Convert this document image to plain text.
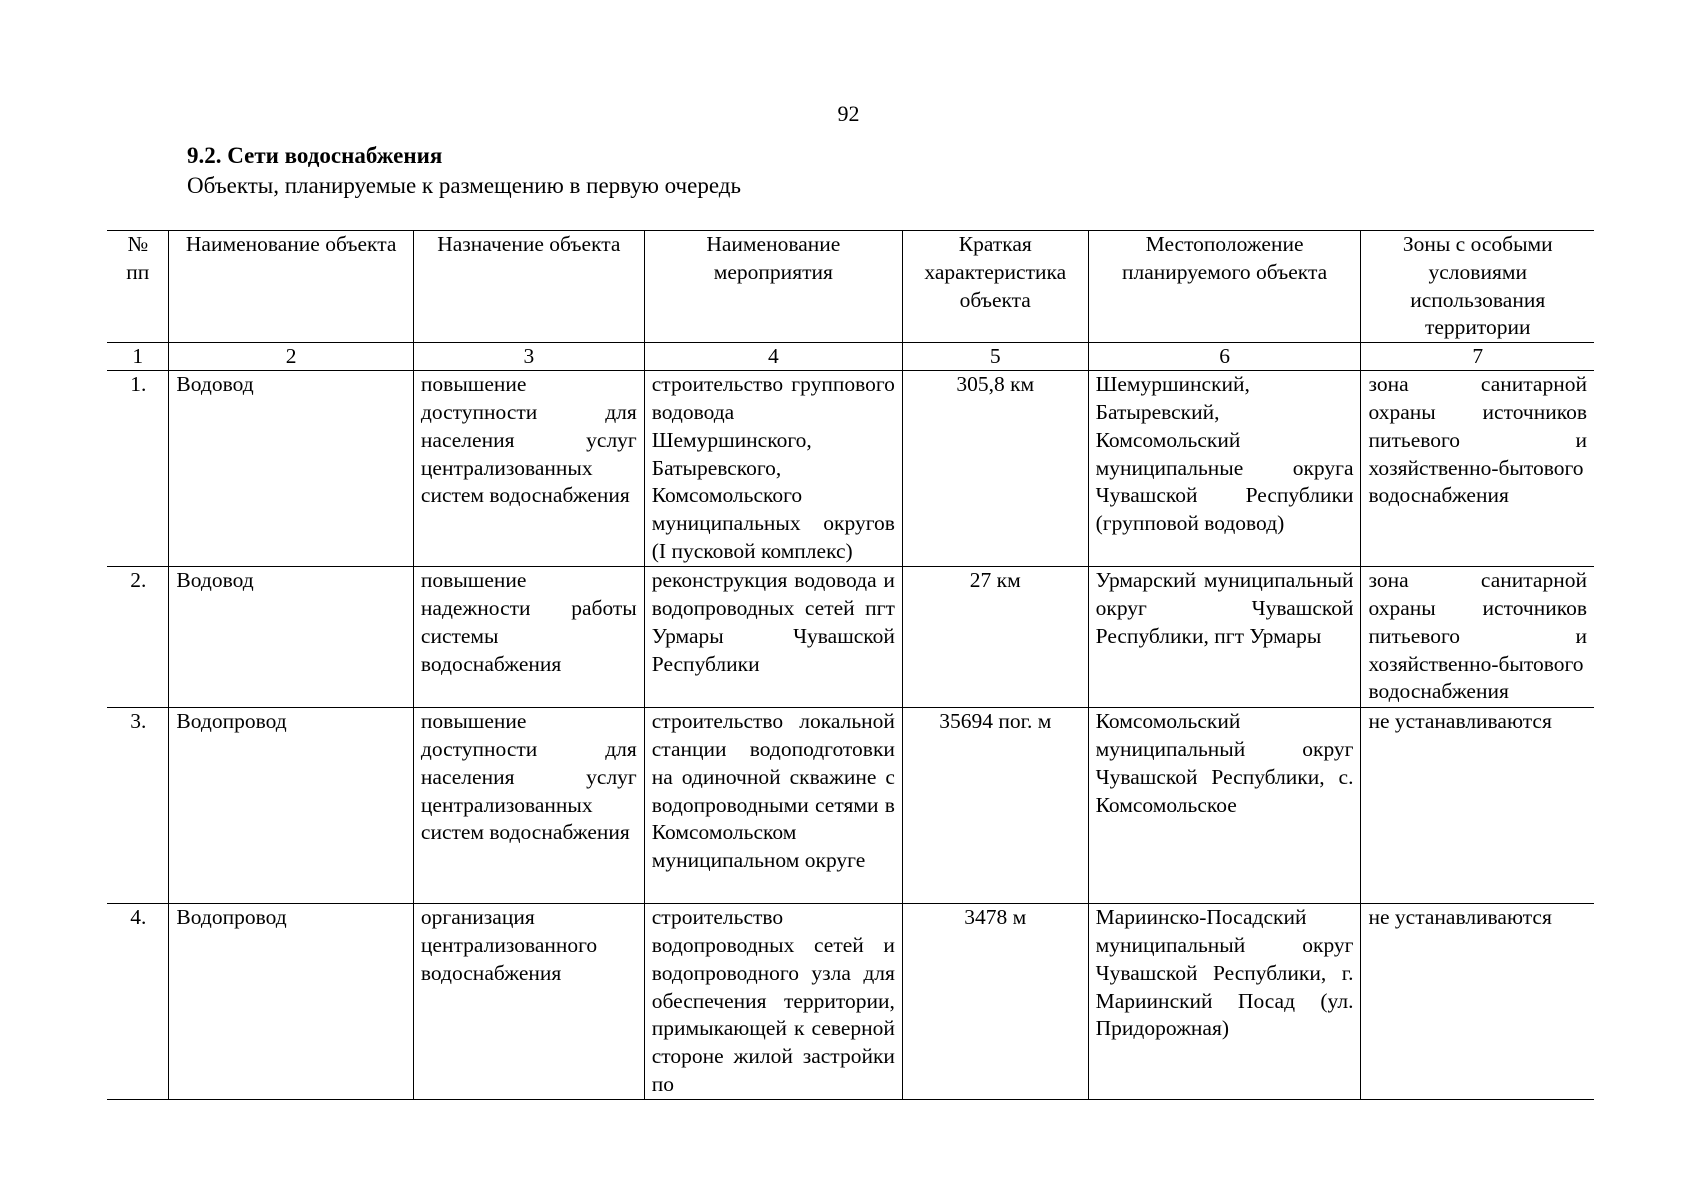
92
9.2. Сети водоснабжения
Объекты, планируемые к размещению в первую очередь
№ пп	Наименование объекта	Назначение объекта	Наименование мероприятия	Краткая характеристика объекта	Местоположение планируемого объекта	Зоны с особыми условиями использования территории
1	2	3	4	5	6	7
1.	Водовод	повышение доступности для населения услуг централизованных систем водоснабжения	строительство группового водовода Шемуршинского, Батыревского, Комсомольского муниципальных округов (I пусковой комплекс)	305,8 км	Шемуршинский, Батыревский, Комсомольский муниципальные округа Чувашской Республики (групповой водовод)	зона санитарной охраны источников питьевого и хозяйственно-бытового водоснабжения
2.	Водовод	повышение надежности работы системы водоснабжения	реконструкция водовода и водопроводных сетей пгт Урмары Чувашской Республики	27 км	Урмарский муниципальный округ Чувашской Республики, пгт Урмары	зона санитарной охраны источников питьевого и хозяйственно-бытового водоснабжения
3.	Водопровод	повышение доступности для населения услуг централизованных систем водоснабжения	строительство локальной станции водоподготовки на одиночной скважине с водопроводными сетями в Комсомольском муниципальном округе	35694 пог. м	Комсомольский муниципальный округ Чувашской Республики, с. Комсомольское	не устанавливаются
4.	Водопровод	организация централизованного водоснабжения	строительство водопроводных сетей и водопроводного узла для обеспечения территории, примыкающей к северной стороне жилой застройки по	3478 м	Мариинско-Посадский муниципальный округ Чувашской Республики, г. Мариинский Посад (ул. Придорожная)	не устанавливаются
